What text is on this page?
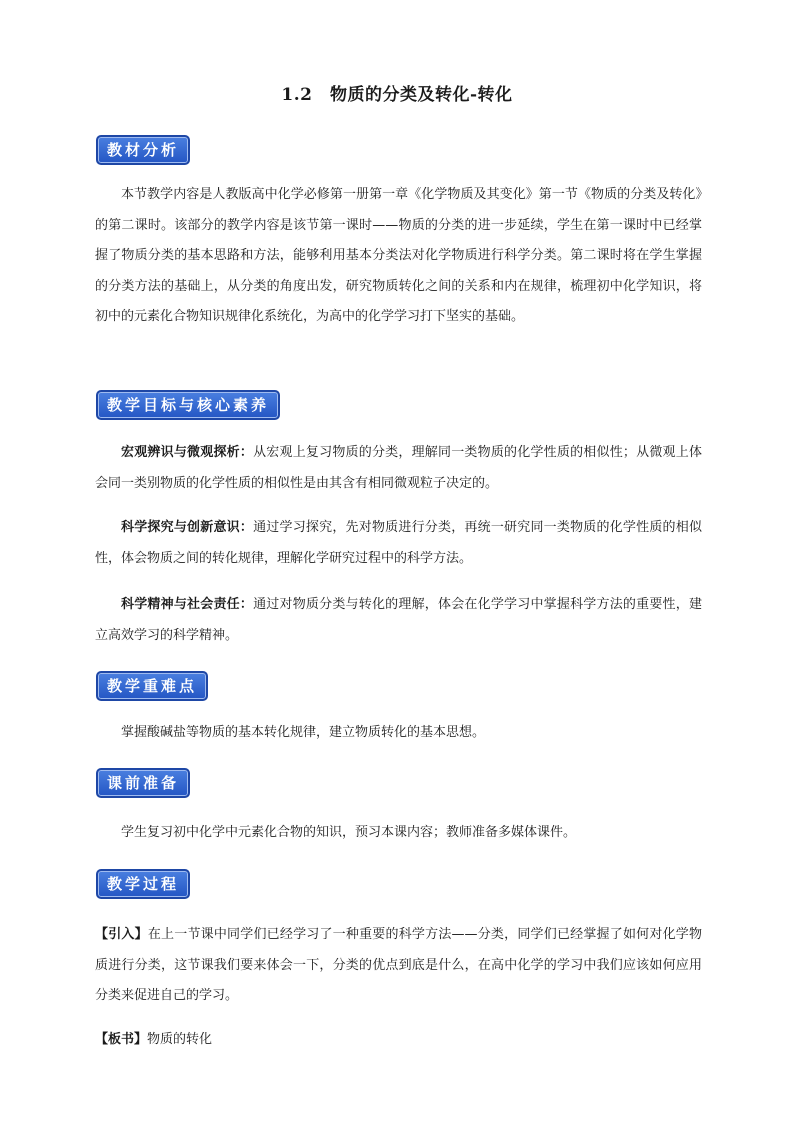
1.2　物质的分类及转化-转化
教材分析
本节教学内容是人教版高中化学必修第一册第一章《化学物质及其变化》第一节《物质的分类及转化》的第二课时。该部分的教学内容是该节第一课时——物质的分类的进一步延续，学生在第一课时中已经掌握了物质分类的基本思路和方法，能够利用基本分类法对化学物质进行科学分类。第二课时将在学生掌握的分类方法的基础上，从分类的角度出发，研究物质转化之间的关系和内在规律，梳理初中化学知识，将初中的元素化合物知识规律化系统化，为高中的化学学习打下坚实的基础。
教学目标与核心素养
宏观辨识与微观探析：从宏观上复习物质的分类，理解同一类物质的化学性质的相似性；从微观上体会同一类别物质的化学性质的相似性是由其含有相同微观粒子决定的。
科学探究与创新意识：通过学习探究，先对物质进行分类，再统一研究同一类物质的化学性质的相似性，体会物质之间的转化规律，理解化学研究过程中的科学方法。
科学精神与社会责任：通过对物质分类与转化的理解，体会在化学学习中掌握科学方法的重要性，建立高效学习的科学精神。
教学重难点
掌握酸碱盐等物质的基本转化规律，建立物质转化的基本思想。
课前准备
学生复习初中化学中元素化合物的知识，预习本课内容；教师准备多媒体课件。
教学过程
【引入】在上一节课中同学们已经学习了一种重要的科学方法——分类，同学们已经掌握了如何对化学物质进行分类，这节课我们要来体会一下，分类的优点到底是什么，在高中化学的学习中我们应该如何应用分类来促进自己的学习。
【板书】物质的转化
